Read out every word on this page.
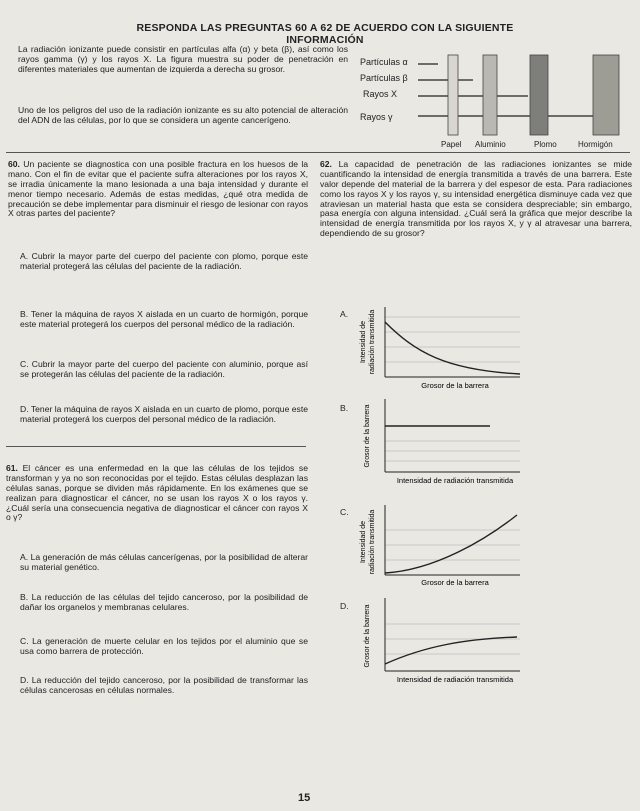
RESPONDA LAS PREGUNTAS 60 A 62 DE ACUERDO CON LA SIGUIENTE INFORMACIÓN

La radiación ionizante puede consistir en partículas alfa (α) y beta (β), así como los rayos gamma (γ) y los rayos X. La figura muestra su poder de penetración en diferentes materiales que aumentan de izquierda a derecha su grosor.

Uno de los peligros del uso de la radiación ionizante es su alto potencial de alteración del ADN de las células, por lo que se considera un agente cancerígeno.

Partículas α
Partículas β
Rayos X
Rayos γ
Papel Aluminio	Plomo	Hormigón

60. Un paciente se diagnostica con una posible fractura en los huesos de la mano. Con el fin de evitar que el paciente sufra alteraciones por los rayos X, se irradia únicamente la mano lesionada a una baja intensidad y durante el menor tiempo necesario. Además de estas medidas, ¿qué otra medida de precaución se debe implementar para disminuir el riesgo de lesionar con rayos X otras partes del paciente?

A. Cubrir la mayor parte del cuerpo del paciente con plomo, porque este material protegerá las células del paciente de la radiación.
B. Tener la máquina de rayos X aislada en un cuarto de hormigón, porque este material protegerá los cuerpos del personal médico de la radiación.
C. Cubrir la mayor parte del cuerpo del paciente con aluminio, porque así se protegerán las células del paciente de la radiación.
D. Tener la máquina de rayos X aislada en un cuarto de plomo, porque este material protegerá los cuerpos del personal médico de la radiación.

61. El cáncer es una enfermedad en la que las células de los tejidos se transforman y ya no son reconocidas por el tejido. Estas células desplazan las células sanas, porque se dividen más rápidamente. En los exámenes que se realizan para diagnosticar el cáncer, no se usan los rayos X o los rayos γ. ¿Cuál sería una consecuencia negativa de diagnosticar el cáncer con rayos X o γ?

A. La generación de más células cancerígenas, por la posibilidad de alterar su material genético.
B. La reducción de las células del tejido canceroso, por la posibilidad de dañar los organelos y membranas celulares.
C. La generación de muerte celular en los tejidos por el aluminio que se usa como barrera de protección.
D. La reducción del tejido canceroso, por la posibilidad de transformar las células cancerosas en células normales.

62. La capacidad de penetración de las radiaciones ionizantes se mide cuantificando la intensidad de energía transmitida a través de una barrera. Este valor depende del material de la barrera y del espesor de esta. Para radiaciones como los rayos X y los rayos γ, su intensidad energética disminuye cada vez que atraviesan un material hasta que esta se considera despreciable; sin embargo, pasa energía con alguna intensidad. ¿Cuál será la gráfica que mejor describe la intensidad de energía transmitida por los rayos X, y γ al atravesar una barrera, dependiendo de su grosor?

A.
Intensidad de radiación transmitida
Grosor de la barrera
B. Grosor de la barrera
Intensidad de radiación transmitida
C.
Intensidad de radiación transmitida
Grosor de la barrera
D. Grosor de la barrera
Intensidad de radiación transmitida
15
